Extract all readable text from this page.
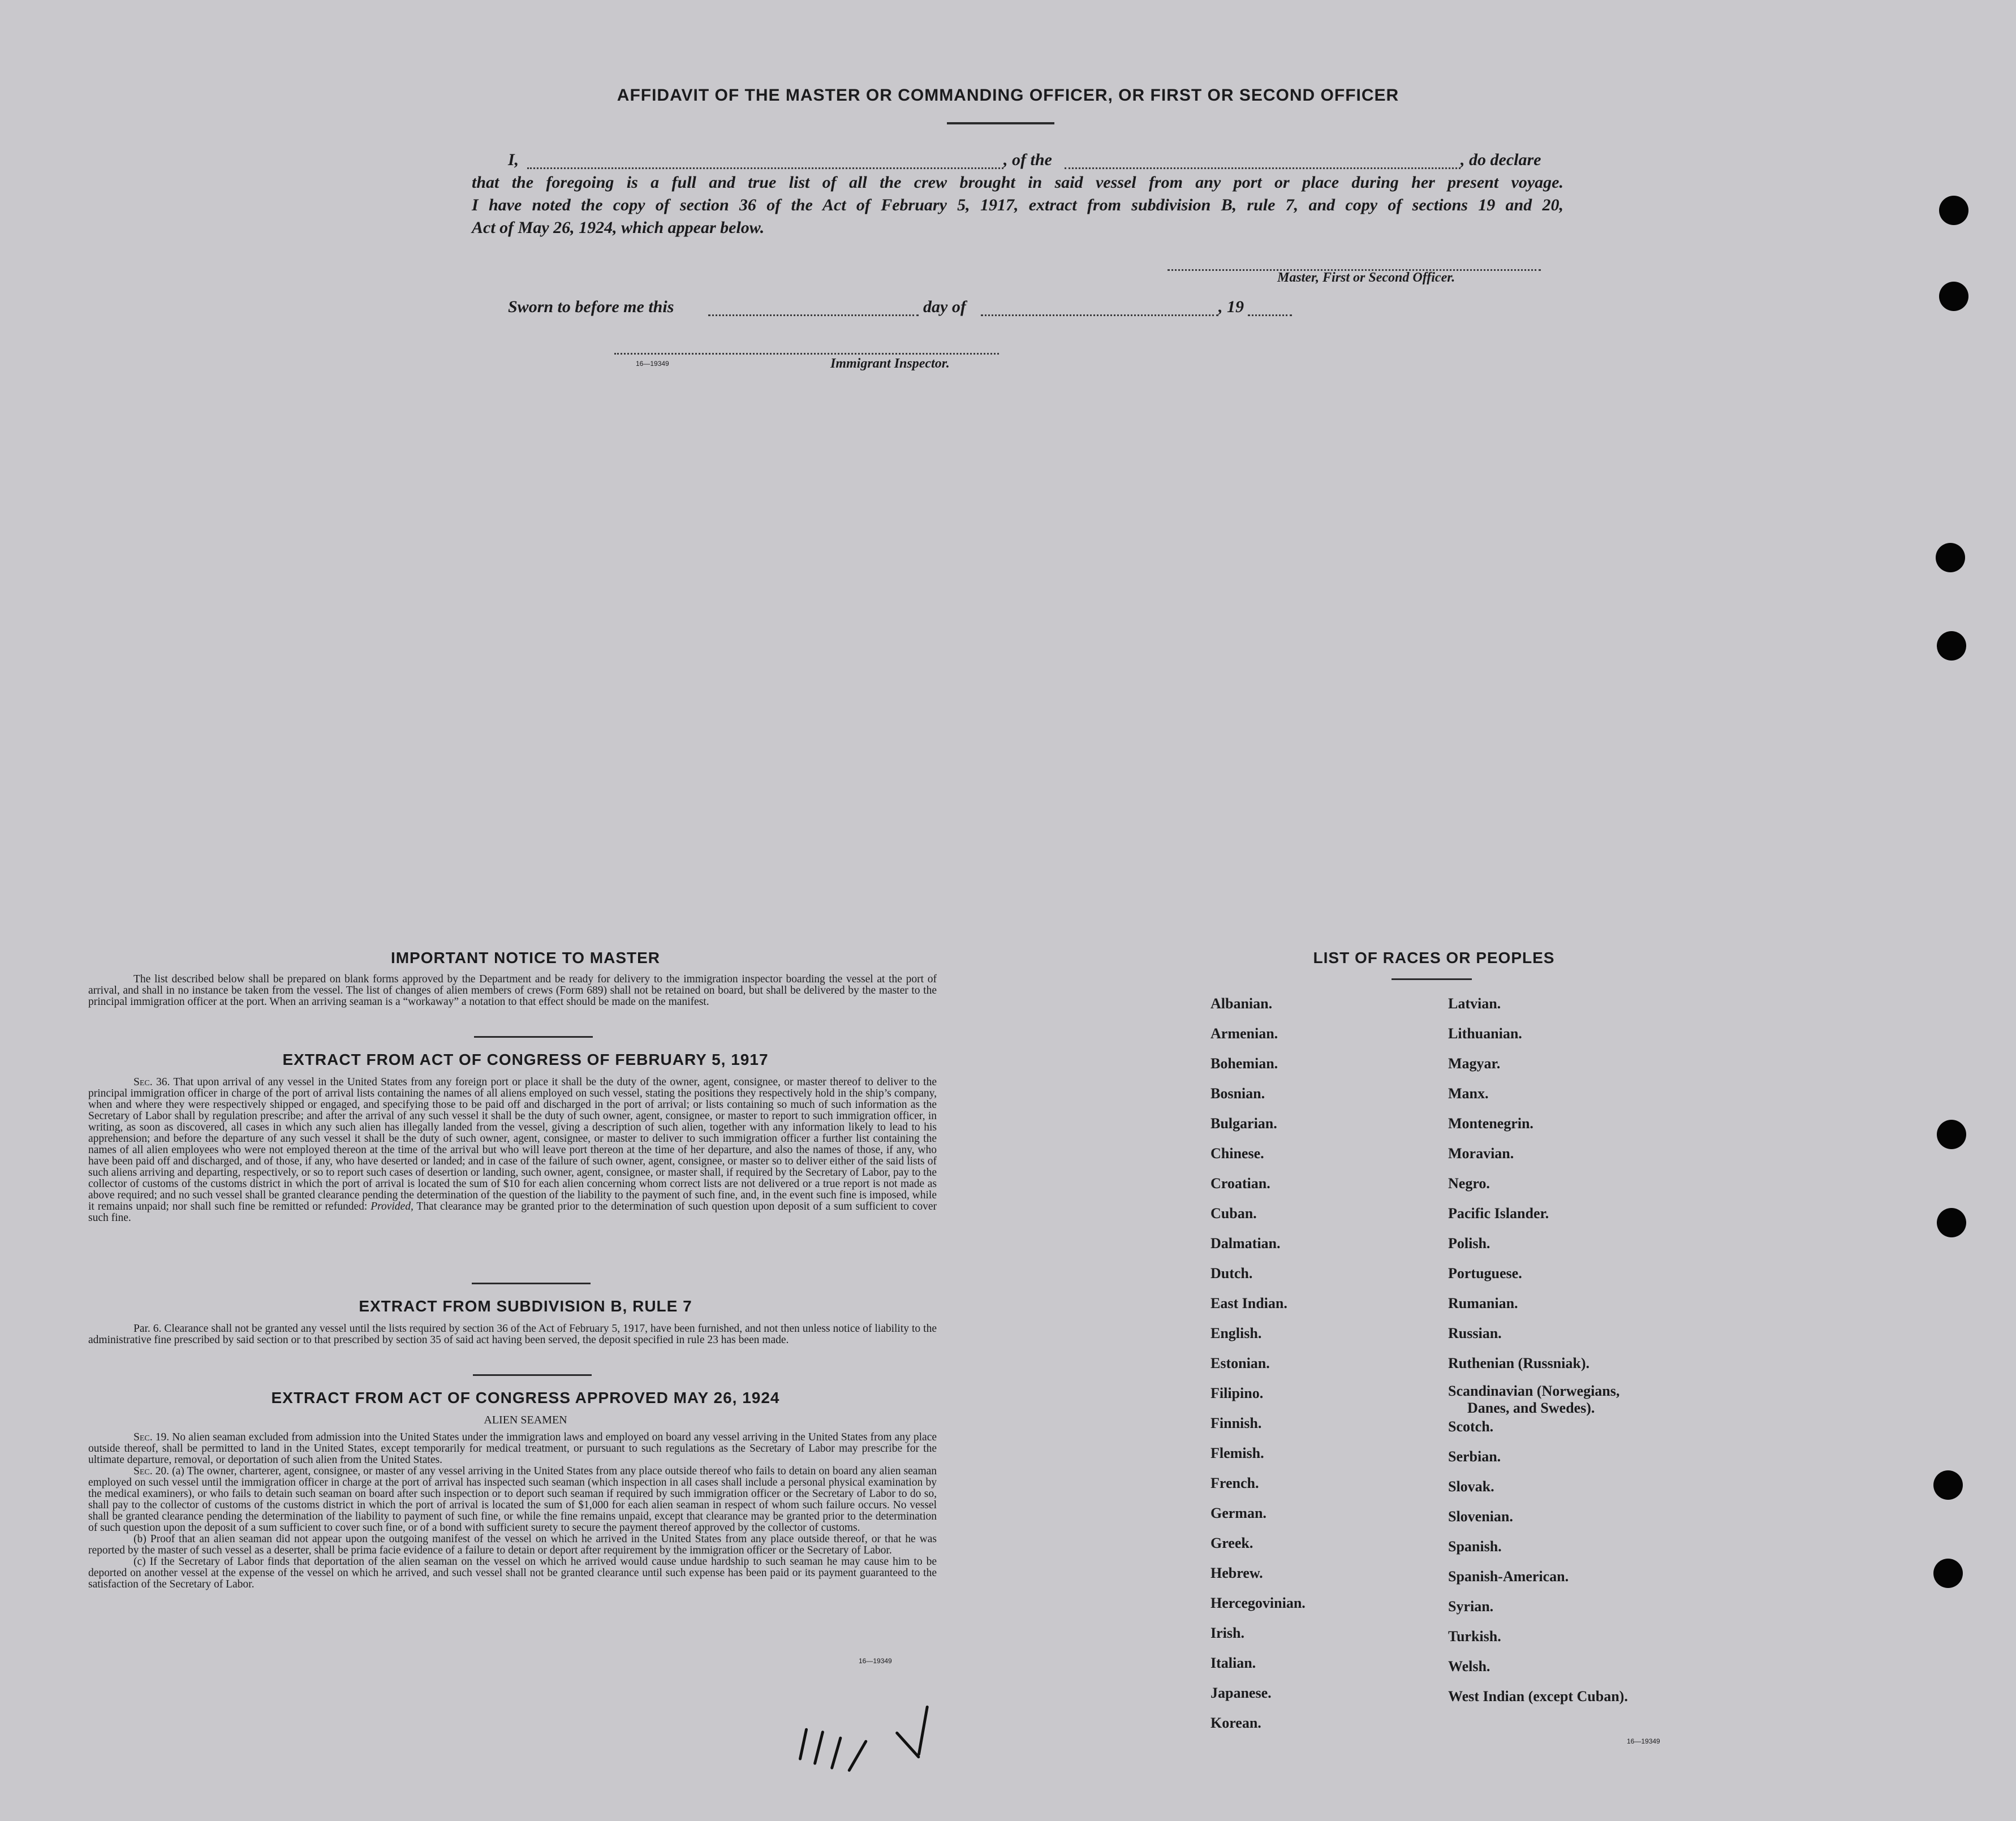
AFFIDAVIT OF THE MASTER OR COMMANDING OFFICER, OR FIRST OR SECOND OFFICER
I,	, of the	, do declare
that the foregoing is a full and true list of all the crew brought in said vessel from any port or place during her present voyage.
I have noted the copy of section 36 of the Act of February 5, 1917, extract from subdivision B, rule 7, and copy of sections 19 and 20,
Act of May 26, 1924, which appear below.
Master, First or Second Officer.
Sworn to before me this	day of	, 19
16—19349	Immigrant Inspector.
IMPORTANT NOTICE TO MASTER
The list described below shall be prepared on blank forms approved by the Department and be ready for delivery to the immigration inspector boarding the vessel at the port of arrival, and shall in no instance be taken from the vessel. The list of changes of alien members of crews (Form 689) shall not be retained on board, but shall be delivered by the master to the principal immigration officer at the port. When an arriving seaman is a “workaway” a notation to that effect should be made on the manifest.
EXTRACT FROM ACT OF CONGRESS OF FEBRUARY 5, 1917
Sec. 36. That upon arrival of any vessel in the United States from any foreign port or place it shall be the duty of the owner, agent, consignee, or master thereof to deliver to the principal immigration officer in charge of the port of arrival lists containing the names of all aliens employed on such vessel, stating the positions they respectively hold in the ship’s company, when and where they were respectively shipped or engaged, and specifying those to be paid off and discharged in the port of arrival; or lists containing so much of such information as the Secretary of Labor shall by regulation prescribe; and after the arrival of any such vessel it shall be the duty of such owner, agent, consignee, or master to report to such immigration officer, in writing, as soon as discovered, all cases in which any such alien has illegally landed from the vessel, giving a description of such alien, together with any information likely to lead to his apprehension; and before the departure of any such vessel it shall be the duty of such owner, agent, consignee, or master to deliver to such immigration officer a further list containing the names of all alien employees who were not employed thereon at the time of the arrival but who will leave port thereon at the time of her departure, and also the names of those, if any, who have been paid off and discharged, and of those, if any, who have deserted or landed; and in case of the failure of such owner, agent, consignee, or master so to deliver either of the said lists of such aliens arriving and departing, respectively, or so to report such cases of desertion or landing, such owner, agent, consignee, or master shall, if required by the Secretary of Labor, pay to the collector of customs of the customs district in which the port of arrival is located the sum of $10 for each alien concerning whom correct lists are not delivered or a true report is not made as above required; and no such vessel shall be granted clearance pending the determination of the question of the liability to the payment of such fine, and, in the event such fine is imposed, while it remains unpaid; nor shall such fine be remitted or refunded: Provided, That clearance may be granted prior to the determination of such question upon deposit of a sum sufficient to cover such fine.
EXTRACT FROM SUBDIVISION B, RULE 7
Par. 6. Clearance shall not be granted any vessel until the lists required by section 36 of the Act of February 5, 1917, have been furnished, and not then unless notice of liability to the administrative fine prescribed by said section or to that prescribed by section 35 of said act having been served, the deposit specified in rule 23 has been made.
EXTRACT FROM ACT OF CONGRESS APPROVED MAY 26, 1924
ALIEN SEAMEN
Sec. 19. No alien seaman excluded from admission into the United States under the immigration laws and employed on board any vessel arriving in the United States from any place outside thereof, shall be permitted to land in the United States, except temporarily for medical treatment, or pursuant to such regulations as the Secretary of Labor may prescribe for the ultimate departure, removal, or deportation of such alien from the United States.
Sec. 20. (a) The owner, charterer, agent, consignee, or master of any vessel arriving in the United States from any place outside thereof who fails to detain on board any alien seaman employed on such vessel until the immigration officer in charge at the port of arrival has inspected such seaman (which inspection in all cases shall include a personal physical examination by the medical examiners), or who fails to detain such seaman on board after such inspection or to deport such seaman if required by such immigration officer or the Secretary of Labor to do so, shall pay to the collector of customs of the customs district in which the port of arrival is located the sum of $1,000 for each alien seaman in respect of whom such failure occurs. No vessel shall be granted clearance pending the determination of the liability to payment of such fine, or while the fine remains unpaid, except that clearance may be granted prior to the determination of such question upon the deposit of a sum sufficient to cover such fine, or of a bond with sufficient surety to secure the payment thereof approved by the collector of customs.
(b) Proof that an alien seaman did not appear upon the outgoing manifest of the vessel on which he arrived in the United States from any place outside thereof, or that he was reported by the master of such vessel as a deserter, shall be prima facie evidence of a failure to detain or deport after requirement by the immigration officer or the Secretary of Labor.
(c) If the Secretary of Labor finds that deportation of the alien seaman on the vessel on which he arrived would cause undue hardship to such seaman he may cause him to be deported on another vessel at the expense of the vessel on which he arrived, and such vessel shall not be granted clearance until such expense has been paid or its payment guaranteed to the satisfaction of the Secretary of Labor.
16—19349
LIST OF RACES OR PEOPLES
Albanian.
Armenian.
Bohemian.
Bosnian.
Bulgarian.
Chinese.
Croatian.
Cuban.
Dalmatian.
Dutch.
East Indian.
English.
Estonian.
Filipino.
Finnish.
Flemish.
French.
German.
Greek.
Hebrew.
Hercegovinian.
Irish.
Italian.
Japanese.
Korean.
Latvian.
Lithuanian.
Magyar.
Manx.
Montenegrin.
Moravian.
Negro.
Pacific Islander.
Polish.
Portuguese.
Rumanian.
Russian.
Ruthenian (Russniak).
Scandinavian (Norwegians,
Danes, and Swedes).
Scotch.
Serbian.
Slovak.
Slovenian.
Spanish.
Spanish-American.
Syrian.
Turkish.
Welsh.
West Indian (except Cuban).
16—19349
